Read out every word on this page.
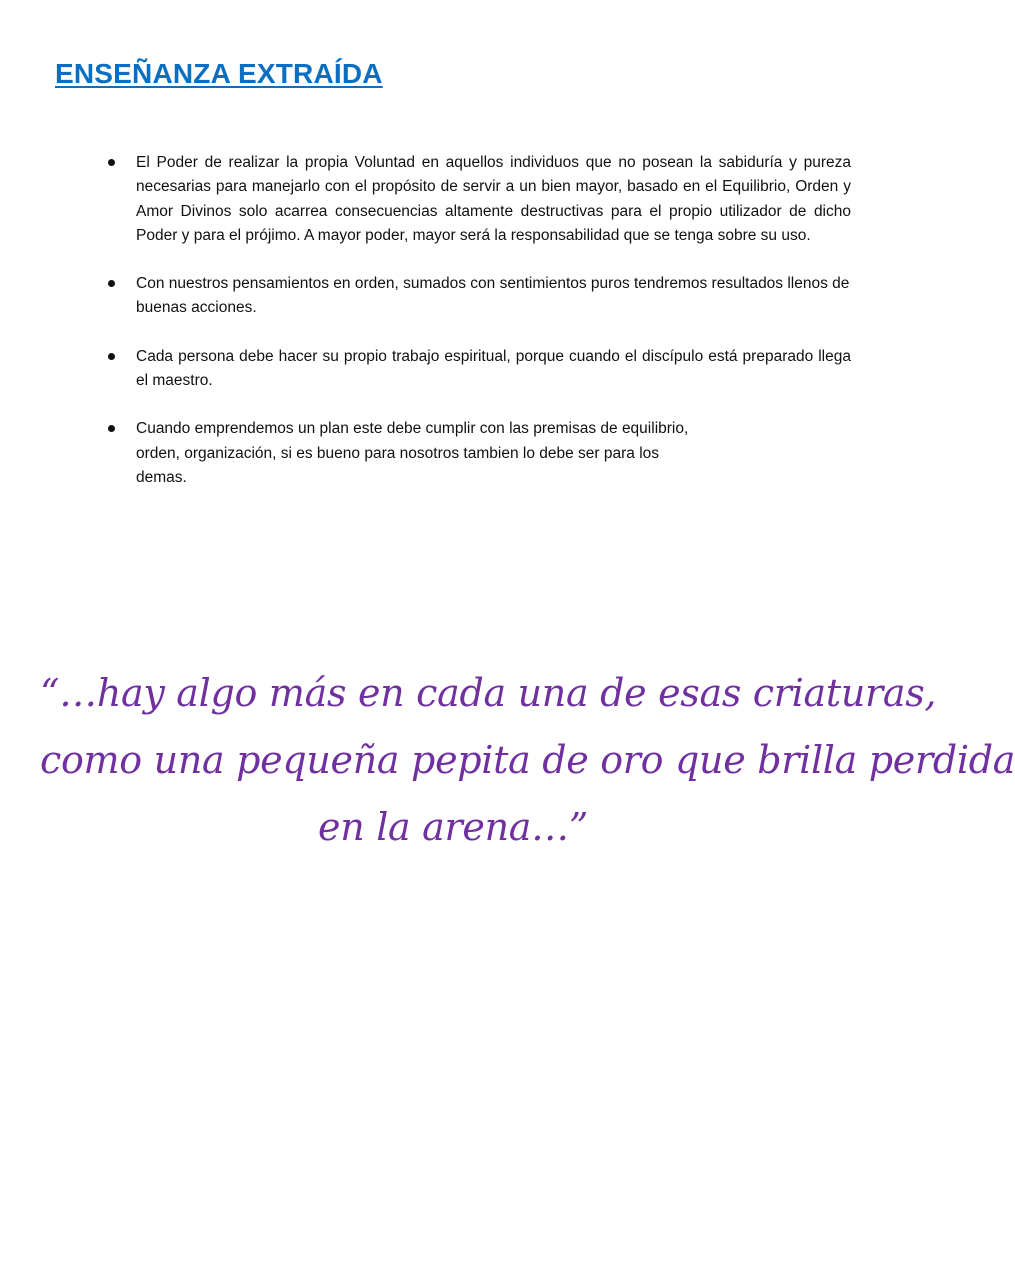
ENSEÑANZA EXTRAÍDA
El Poder de realizar la propia Voluntad en aquellos individuos que no posean la sabiduría y pureza necesarias para manejarlo con el propósito de servir a un bien mayor, basado en el Equilibrio, Orden y Amor Divinos solo acarrea consecuencias altamente destructivas para el propio utilizador de dicho Poder y para el prójimo. A mayor poder, mayor será la responsabilidad que se tenga sobre su uso.
Con nuestros pensamientos en orden, sumados con sentimientos puros tendremos resultados llenos de buenas acciones.
Cada persona debe hacer su propio trabajo espiritual, porque cuando el discípulo está preparado llega el maestro.
Cuando emprendemos un plan este debe cumplir con las premisas de equilibrio,
orden, organización, si es bueno para nosotros tambien lo debe ser para los
demas.

“…hay algo más en cada una de esas criaturas,
como una pequeña pepita de oro que brilla perdida
en la arena…”
